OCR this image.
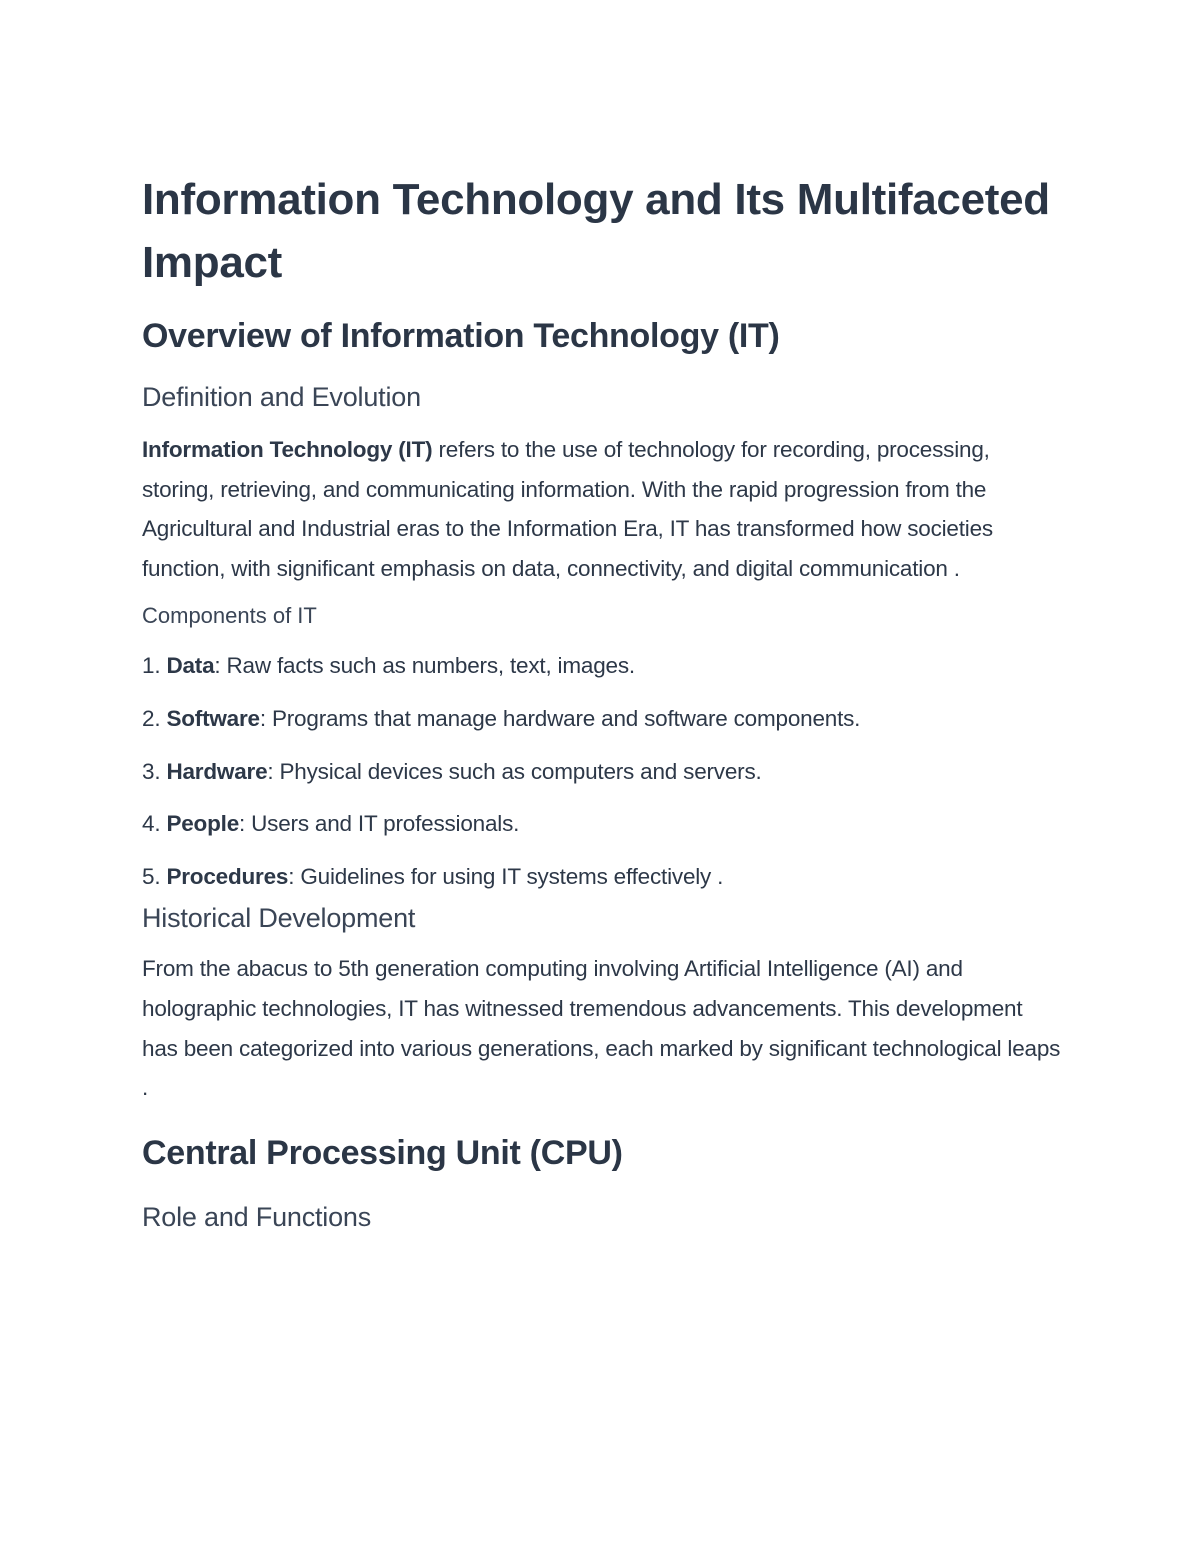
Information Technology and Its Multifaceted Impact
Overview of Information Technology (IT)
Definition and Evolution

Information Technology (IT) refers to the use of technology for recording, processing, storing, retrieving, and communicating information. With the rapid progression from the Agricultural and Industrial eras to the Information Era, IT has transformed how societies function, with significant emphasis on data, connectivity, and digital communication .

Components of IT
1. Data: Raw facts such as numbers, text, images.
2. Software: Programs that manage hardware and software components.
3. Hardware: Physical devices such as computers and servers.
4. People: Users and IT professionals.
5. Procedures: Guidelines for using IT systems effectively .
Historical Development

From the abacus to 5th generation computing involving Artificial Intelligence (AI) and holographic technologies, IT has witnessed tremendous advancements. This development has been categorized into various generations, each marked by significant technological leaps .

Central Processing Unit (CPU)
Role and Functions
